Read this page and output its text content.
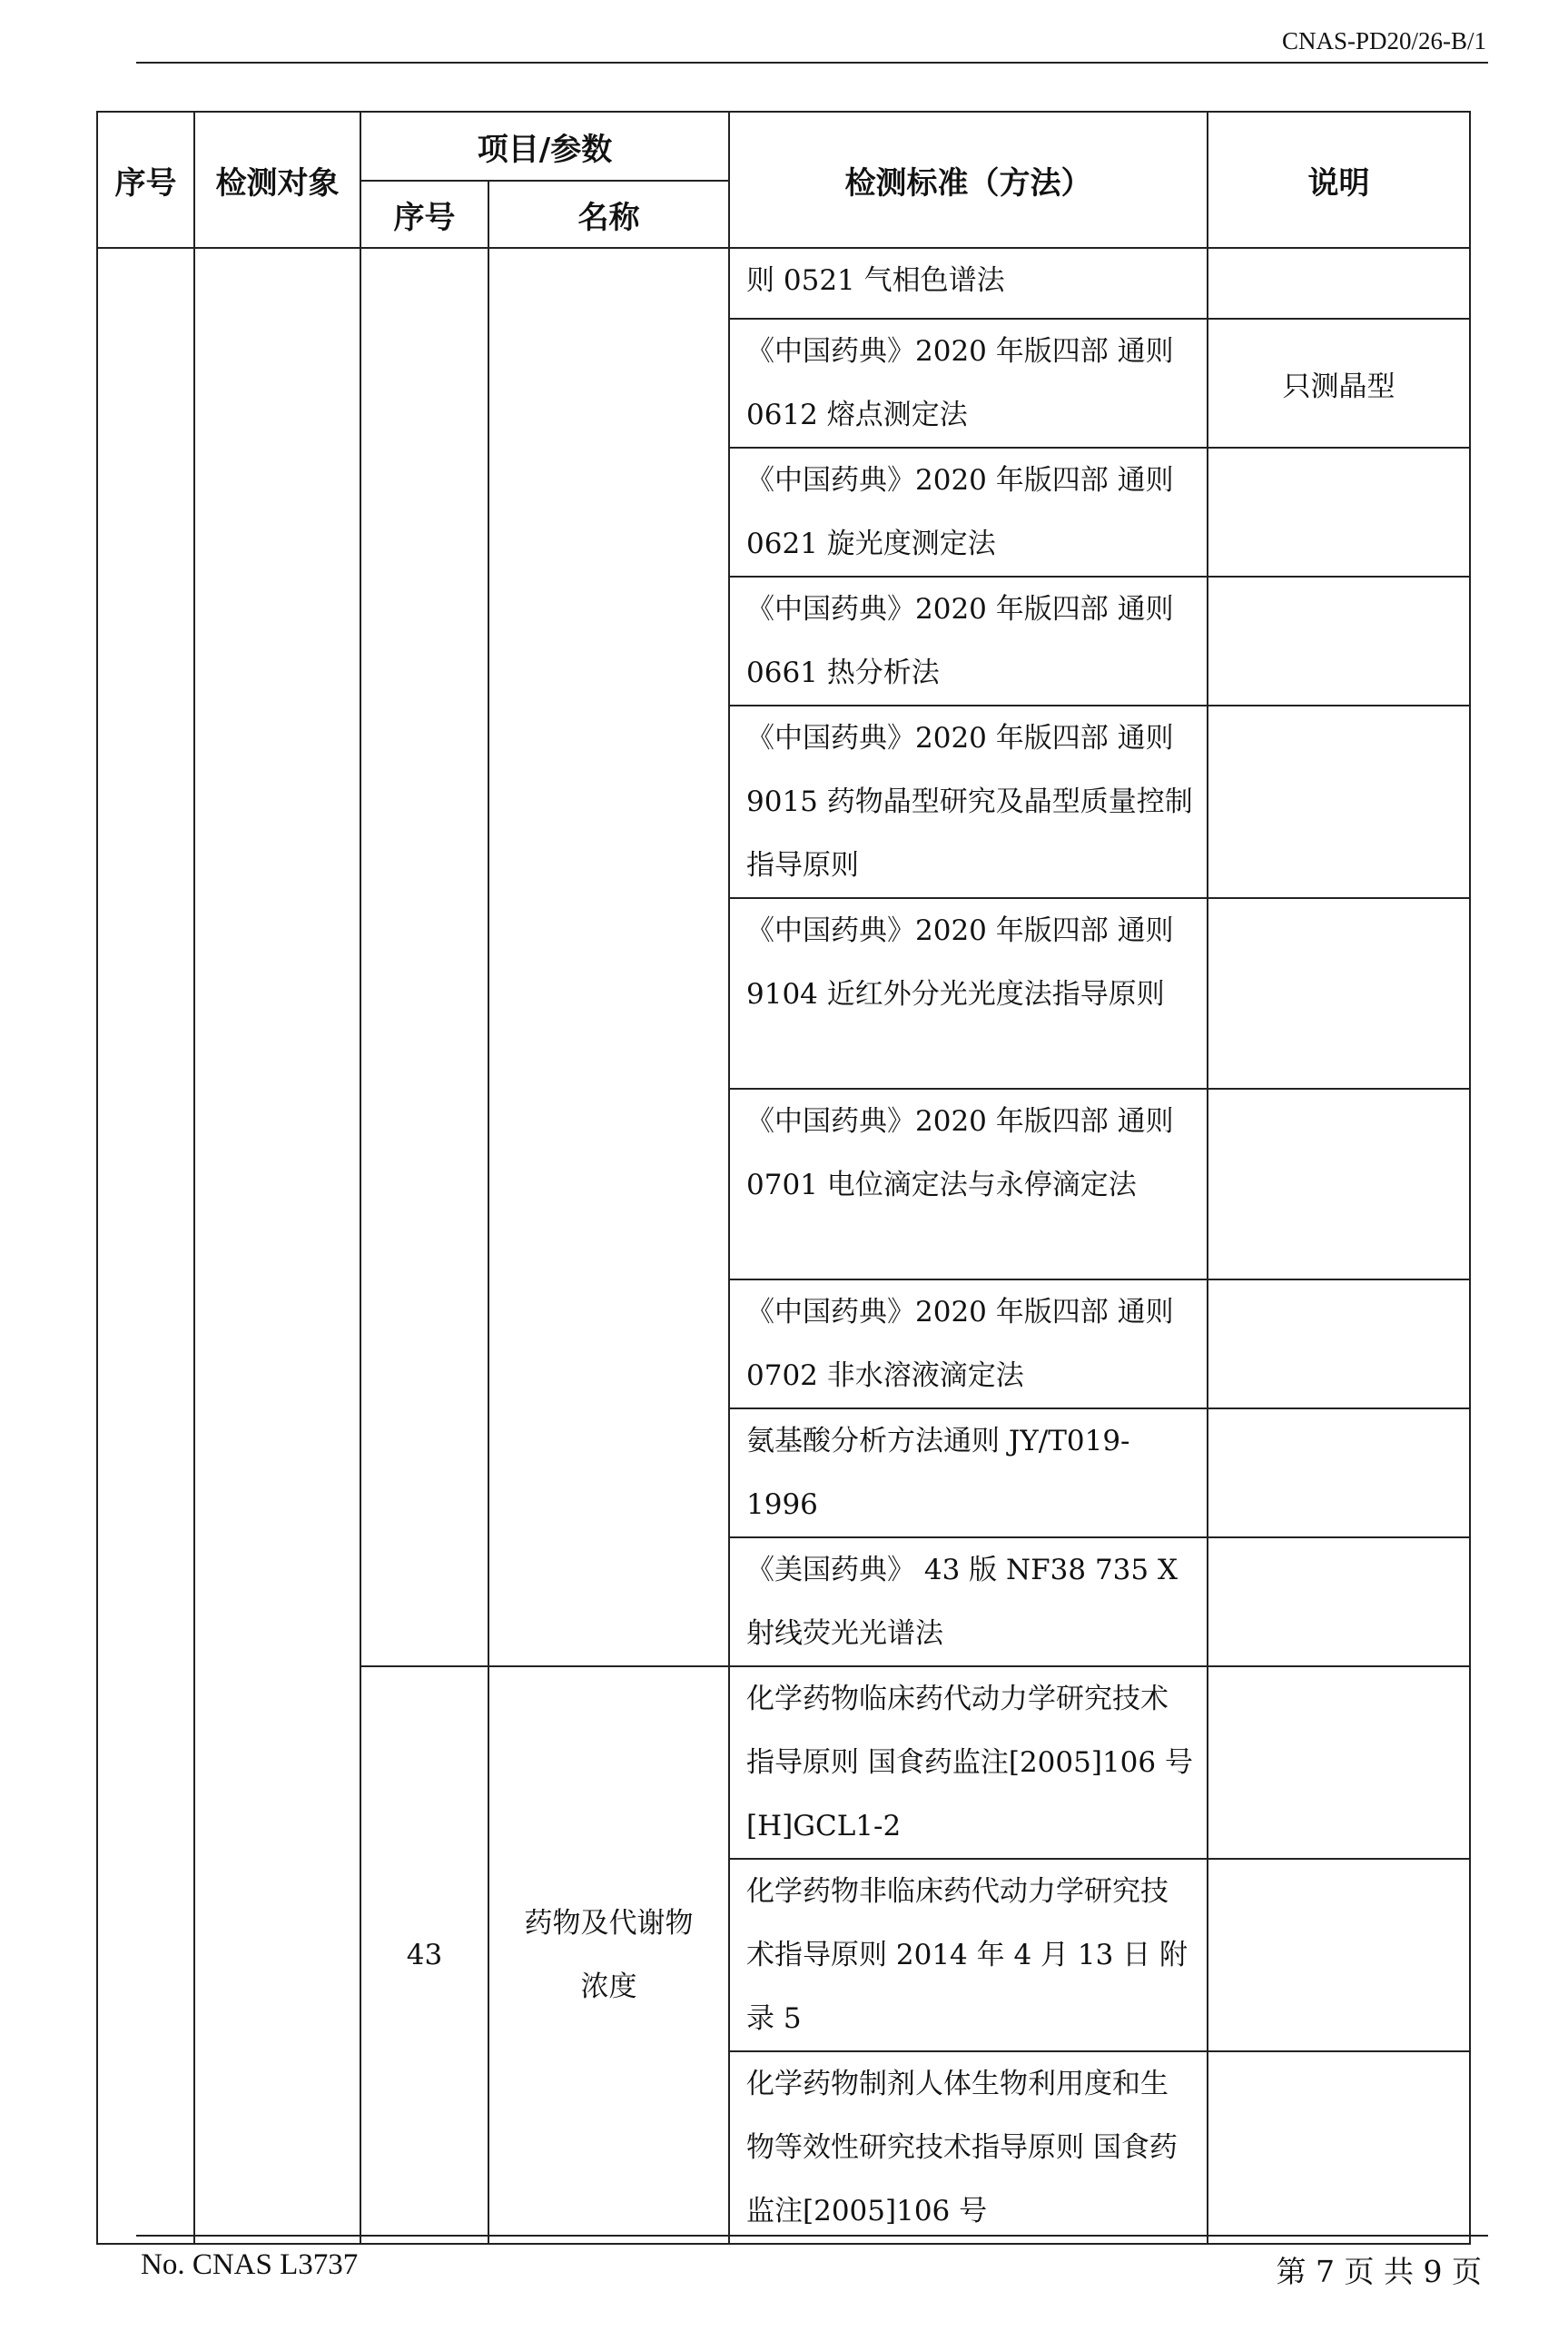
CNAS-PD20/26-B/1
序号	检测对象	项目/参数		检测标准（方法）	说明
		序号	名称		
				则 0521 气相色谱法	
				《中国药典》2020 年版四部 通则 0612 熔点测定法	只测晶型
				《中国药典》2020 年版四部 通则 0621 旋光度测定法	
				《中国药典》2020 年版四部 通则 0661 热分析法	
				《中国药典》2020 年版四部 通则 9015 药物晶型研究及晶型质量控制指导原则	
				《中国药典》2020 年版四部 通则 9104 近红外分光光度法指导原则	
				《中国药典》2020 年版四部 通则 0701 电位滴定法与永停滴定法	
				《中国药典》2020 年版四部 通则 0702 非水溶液滴定法	
				氨基酸分析方法通则 JY/T019-1996	
				《美国药典》 43 版 NF38 735 X 射线荧光光谱法	
		43	药物及代谢物浓度	化学药物临床药代动力学研究技术指导原则 国食药监注[2005]106 号[H]GCL1-2	
				化学药物非临床药代动力学研究技术指导原则 2014 年 4 月 13 日 附录 5	
				化学药物制剂人体生物利用度和生物等效性研究技术指导原则 国食药监注[2005]106 号	
No. CNAS L3737	第 7 页 共 9 页
